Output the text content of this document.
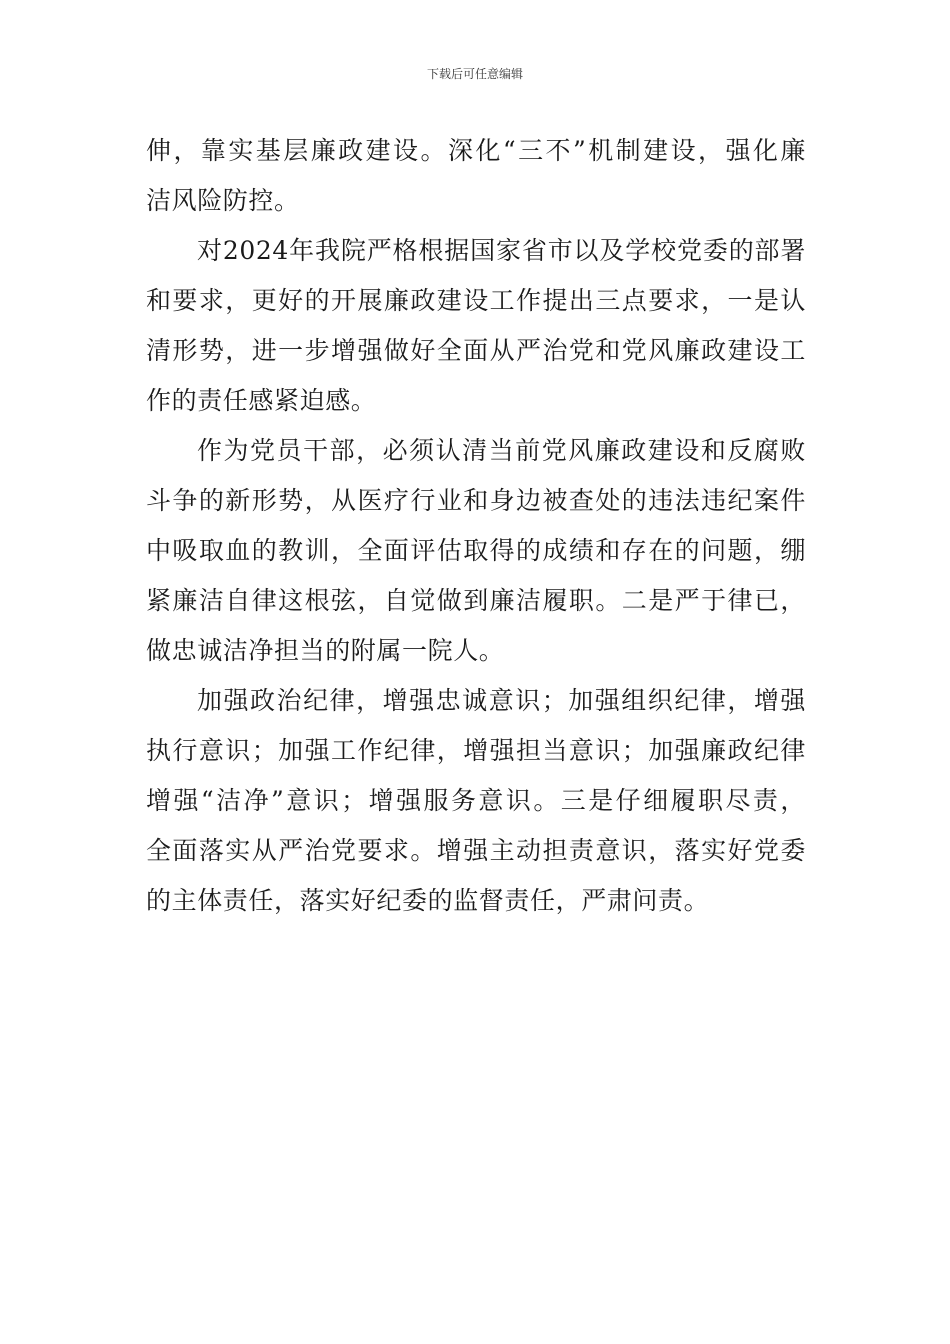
下载后可任意编辑
伸，靠实基层廉政建设。深化“三不”机制建设，强化廉
洁风险防控。
对2024年我院严格根据国家省市以及学校党委的部署
和要求，更好的开展廉政建设工作提出三点要求，一是认
清形势，进一步增强做好全面从严治党和党风廉政建设工
作的责任感紧迫感。
作为党员干部，必须认清当前党风廉政建设和反腐败
斗争的新形势，从医疗行业和身边被查处的违法违纪案件
中吸取血的教训，全面评估取得的成绩和存在的问题，绷
紧廉洁自律这根弦，自觉做到廉洁履职。二是严于律已，
做忠诚洁净担当的附属一院人。
加强政治纪律，增强忠诚意识；加强组织纪律，增强
执行意识；加强工作纪律，增强担当意识；加强廉政纪律
增强“洁净”意识；增强服务意识。三是仔细履职尽责，
全面落实从严治党要求。增强主动担责意识，落实好党委
的主体责任，落实好纪委的监督责任，严肃问责。
